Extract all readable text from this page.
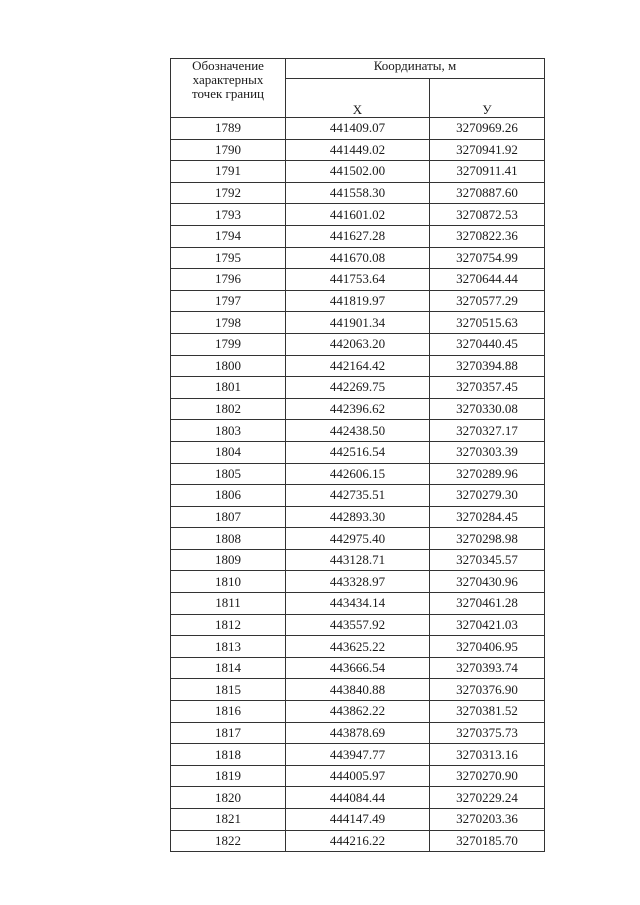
Обозначение
характерных
точек границ	Координаты, м	
	X	У
1789	441409.07	3270969.26
1790	441449.02	3270941.92
1791	441502.00	3270911.41
1792	441558.30	3270887.60
1793	441601.02	3270872.53
1794	441627.28	3270822.36
1795	441670.08	3270754.99
1796	441753.64	3270644.44
1797	441819.97	3270577.29
1798	441901.34	3270515.63
1799	442063.20	3270440.45
1800	442164.42	3270394.88
1801	442269.75	3270357.45
1802	442396.62	3270330.08
1803	442438.50	3270327.17
1804	442516.54	3270303.39
1805	442606.15	3270289.96
1806	442735.51	3270279.30
1807	442893.30	3270284.45
1808	442975.40	3270298.98
1809	443128.71	3270345.57
1810	443328.97	3270430.96
1811	443434.14	3270461.28
1812	443557.92	3270421.03
1813	443625.22	3270406.95
1814	443666.54	3270393.74
1815	443840.88	3270376.90
1816	443862.22	3270381.52
1817	443878.69	3270375.73
1818	443947.77	3270313.16
1819	444005.97	3270270.90
1820	444084.44	3270229.24
1821	444147.49	3270203.36
1822	444216.22	3270185.70
